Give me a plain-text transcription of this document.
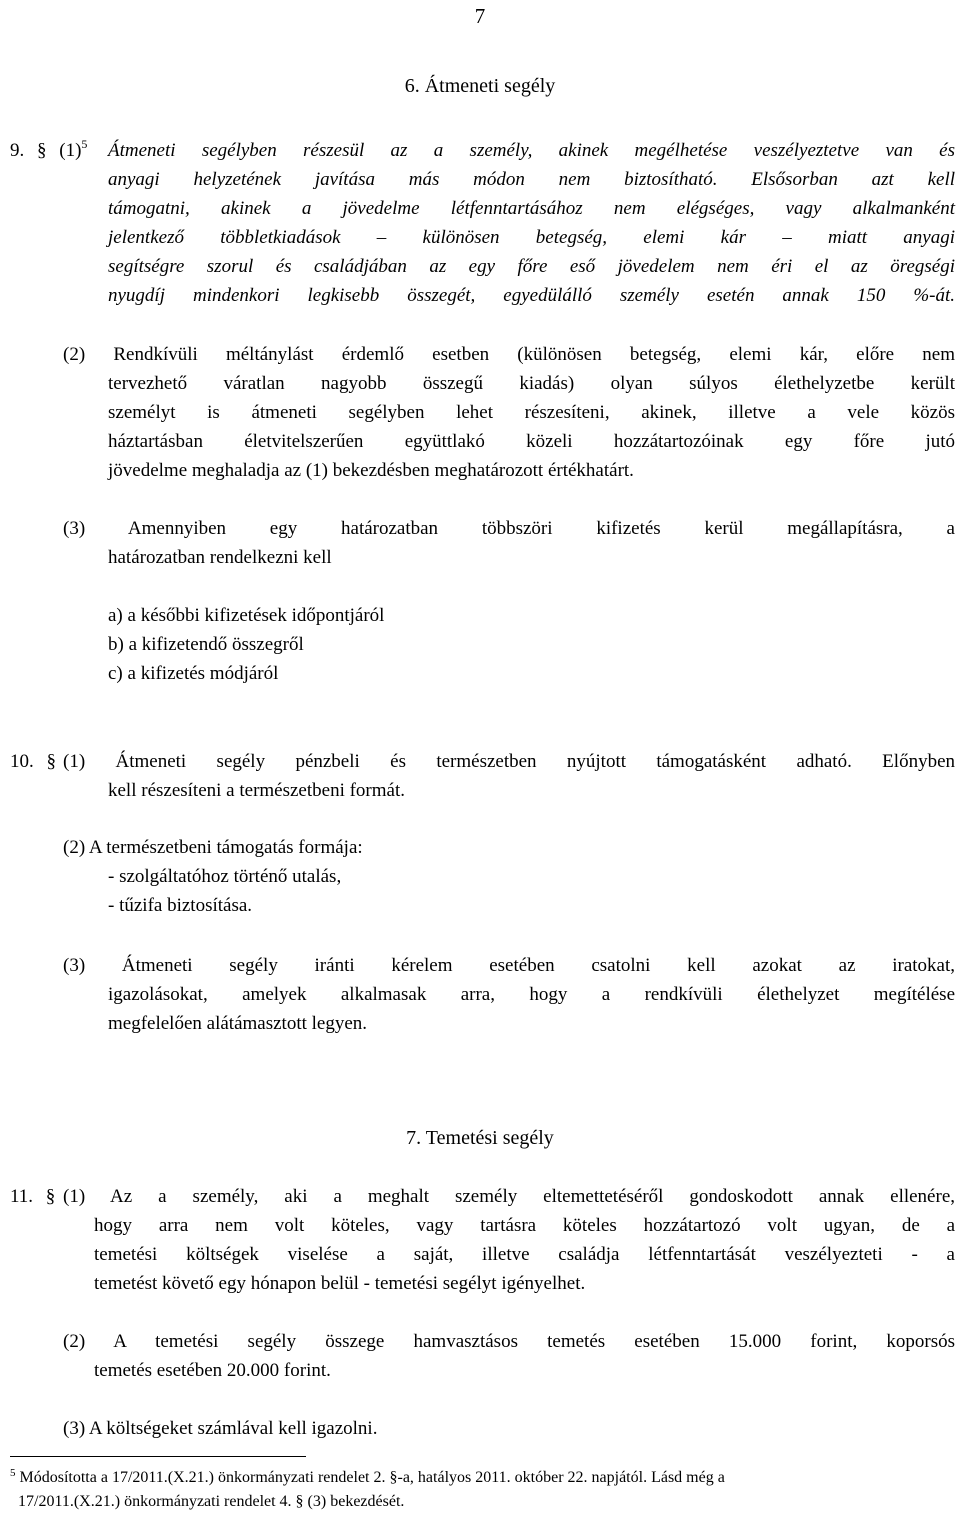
7
6. Átmeneti segély
9. § $(1)^5$ Átmeneti segélyben részesül az a személy, akinek megélhetése veszélyeztetve van és
anyagi helyzetének javítása más módon nem biztosítható. Elsősorban azt kell
támogatni, akinek a jövedelme létfenntartásához nem elégséges, vagy alkalmanként
jelentkező többletkiadások – különösen betegség, elemi kár – miatt anyagi
segítségre szorul és családjában az egy főre eső jövedelem nem éri el az öregségi
nyugdíj mindenkori legkisebb összegét, egyedülálló személy esetén annak 150 %-át.
(2) Rendkívüli méltánylást érdemlő esetben (különösen betegség, elemi kár, előre nem
tervezhető váratlan nagyobb összegű kiadás) olyan súlyos élethelyzetbe került
személyt is átmeneti segélyben lehet részesíteni, akinek, illetve a vele közös
háztartásban életvitelszerűen együttlakó közeli hozzátartozóinak egy főre jutó
jövedelme meghaladja az (1) bekezdésben meghatározott értékhatárt.
(3) Amennyiben egy határozatban többszöri kifizetés kerül megállapításra, a
határozatban rendelkezni kell
a) a későbbi kifizetések időpontjáról
b) a kifizetendő összegről
c) a kifizetés módjáról
10. § (1) Átmeneti segély pénzbeli és természetben nyújtott támogatásként adható. Előnyben
kell részesíteni a természetbeni formát.
(2) A természetbeni támogatás formája:
- szolgáltatóhoz történő utalás,
- tűzifa biztosítása.
(3) Átmeneti segély iránti kérelem esetében csatolni kell azokat az iratokat,
igazolásokat, amelyek alkalmasak arra, hogy a rendkívüli élethelyzet megítélése
megfelelően alátámasztott legyen.
7. Temetési segély
11. § (1) Az a személy, aki a meghalt személy eltemettetéséről gondoskodott annak ellenére,
hogy arra nem volt köteles, vagy tartásra köteles hozzátartozó volt ugyan, de a
temetési költségek viselése a saját, illetve családja létfenntartását veszélyezteti - a
temetést követő egy hónapon belül - temetési segélyt igényelhet.
(2) A temetési segély összege hamvasztásos temetés esetében 15.000 forint, koporsós
temetés esetében 20.000 forint.
(3) A költségeket számlával kell igazolni.
$^5$ Módosította a 17/2011.(X.21.) önkormányzati rendelet 2. §-a, hatályos 2011. október 22. napjától. Lásd még a
17/2011.(X.21.) önkormányzati rendelet 4. § (3) bekezdését.
